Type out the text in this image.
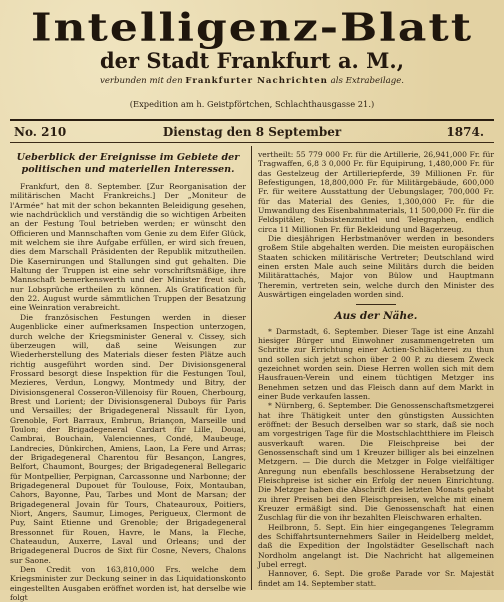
Intelligenz-Blatt
der Stadt Frankfurt a. M.,
verbunden mit den Frankfurter Nachrichten als Extrabeilage.
(Expedition am h. Geistpförtchen, Schlachthausgasse 21.)
No. 210	Dienstag den 8 September	1874.
Ueberblick der Ereignisse im Gebiete der politischen und materiellen Interessen.

Frankfurt, den 8. September. [Zur Reorganisation der militärischen Macht Frankreichs.] Der „Moniteur de l'Armée“ hat mit der schon bekannten Beleidigung gesehen, wie nachdrücklich und verständig die so wichtigen Arbeiten an der Festung Toul betrieben werden; er wünscht den Officieren und Mannschaften vom Genie zu dem Eifer Glück, mit welchem sie ihre Aufgabe erfüllen, er wird sich freuen, dies dem Marschall Präsidenten der Republik mitzutheilen. Die Kasernirungen und Stallungen sind gut gehalten. Die Haltung der Truppen ist eine sehr vorschriftsmäßige, ihre Mannschaft bemerkenswerth und der Minister freut sich, nur Lobsprüche ertheilen zu können. Als Gratification für den 22. August wurde sämmtlichen Truppen der Besatzung eine Weinration verabreicht.

Die französischen Festungen werden in dieser Augenblicke einer aufmerksamen Inspection unterzogen, durch welche der Kriegsminister General v. Cissey, sich überzeugen will, daß seine Weisungen zur Wiederherstellung des Materials dieser festen Plätze auch richtig ausgeführt worden sind. Der Divisionsgeneral Frossard besorgt diese Inspektion für die Festungen Toul, Mezieres, Verdun, Longwy, Montmedy und Bitry, der Divisionsgeneral Cosseron-Villenoisy für Rouen, Cherbourg, Brest und Lorient; der Divisionsgeneral Duboys für Paris und Versailles; der Brigadegeneral Nissault für Lyon, Grenoble, Fort Barraux, Embrun, Briançon, Marseille und Toulon; der Brigadegeneral Cardart für Lille, Douai, Cambrai, Bouchain, Valenciennes, Condé, Maubeuge, Landrecies, Dünkirchen, Amiens, Laon, La Fere und Arras; der Brigadegeneral Charentou für Besançon, Langres, Belfort, Chaumont, Bourges; der Brigadegeneral Bellegaric für Montpellier, Perpignan, Carcassonne und Narbonne; der Brigadegeneral Dupouet für Toulouse, Foix, Montauban, Cahors, Bayonne, Pau, Tarbes und Mont de Marsan; der Brigadegeneral Jovain für Tours, Chateauroux, Poitiers, Niort, Angers, Saumur, Limoges, Perigueux, Clermont de Puy, Saint Etienne und Grenoble; der Brigadegeneral Bressonnet für Rouen, Havre, le Mans, la Fleche, Chateaudun, Auxerre, Laval und Orleans; und der Brigadegeneral Ducros de Sixt für Cosne, Nevers, Chalons sur Saone.

Den Credit von 163,810,000 Frs. welche dem Kriegsminister zur Deckung seiner in das Liquidationskonto eingestellten Ausgaben eröffnet worden ist, hat derselbe wie folgt

vertheilt: 55 779 000 Fr. für die Artillerie, 26,941,000 Fr. für Tragwaffen, 6,8 3 0,000 Fr. für Equipirung, 1,480,000 Fr. für das Gestelzeug der Artilleriepferde, 39 Millionen Fr. für Befestigungen, 18,800,000 Fr. für Militärgebäude, 600,000 Fr. für weitere Ausstattung der Uebungslager, 700,000 Fr. für das Material des Genies, 1,300,000 Fr. für die Umwandlung des Eisenbahnmaterials, 11 500,000 Fr. für die Feldspitäler, Subsistenzmittel und Telegraphen, endlich circa 11 Millionen Fr. für Bekleidung und Bagerzeug.

Die diesjährigen Herbstmanöver werden in besonders großem Stile abgehalten werden. Die meisten europäischen Staaten schicken militärische Vertreter; Deutschland wird einen ersten Male auch seine Militärs durch die beiden Militärattachés, Major von Bülow und Hauptmann Theremin, vertreten sein, welche durch den Minister des Auswärtigen eingeladen worden sind.

Aus der Nähe.

* Darmstadt, 6. September. Dieser Tage ist eine Anzahl hiesiger Bürger und Einwohner zusammengetreten um Schritte zur Errichtung einer Actien-Schlächterei zu thun und sollen sich jetzt schon über 2 00 P. zu diesem Zweck gezeichnet worden sein. Diese Herren wollen sich mit dem Hausfrauen-Verein und einem tüchtigen Metzger ins Benehmen setzen und das Fleisch dann auf dem Markt in einer Bude verkaufen lassen.

* Nürnberg, 6. September. Die Genossenschaftsmetzgerei hat ihre Thätigkeit unter den günstigsten Aussichten eröffnet: der Besuch derselben war so stark, daß sie noch am vorgestrigen Tage für die Mostschlachtthiere im Fleisch ausverkauft waren. Die Fleischpreise bei der Genossenschaft sind um 1 Kreuzer billiger als bei einzelnen Metzgern. — Die durch die Metzger in Folge vielfältiger Anregung nun ebenfalls beschlossene Herabsetzung der Fleischpreise ist sicher ein Erfolg der neuen Einrichtung. Die Metzger haben die Abschrift des letzten Monats gehabt zu ihrer Preisen bei den Fleischpreisen, welche mit einem Kreuzer ermäßigt sind. Die Genossenschaft hat einen Zuschlag für die von ihr bezahlten Fleischwaren erhalten.

Heilbronn, 5. Sept. Ein hier eingegangenes Telegramm des Schiffahrtsunternehmers Sailer in Heidelberg meldet, daß die Expedition der Ingolstädter Gesellschaft nach Nordholm angelangt ist. Die Nachricht hat allgemeinen Jubel erregt.

Hannover, 6. Sept. Die große Parade vor Sr. Majestät findet am 14. September statt.
